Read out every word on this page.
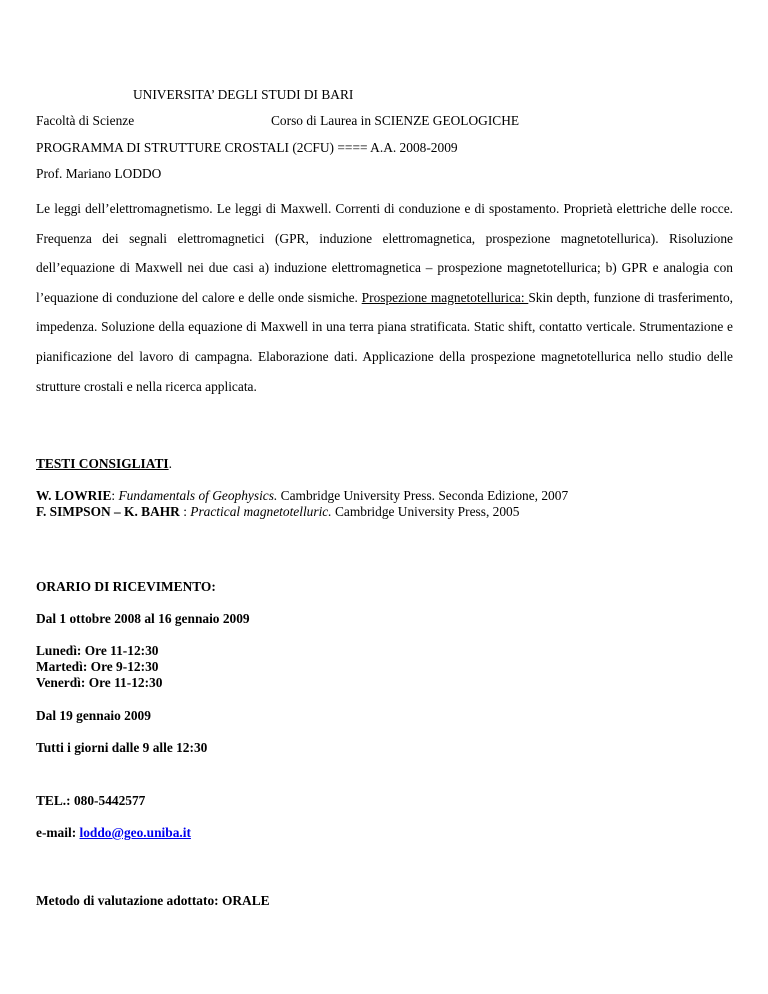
UNIVERSITA’ DEGLI STUDI DI BARI
Facoltà di Scienze	Corso di Laurea in SCIENZE GEOLOGICHE
PROGRAMMA DI STRUTTURE CROSTALI (2CFU) ==== A.A. 2008-2009
Prof. Mariano LODDO
Le leggi dell’elettromagnetismo. Le leggi di Maxwell. Correnti di conduzione e di spostamento. Proprietà elettriche delle rocce. Frequenza dei segnali elettromagnetici (GPR, induzione elettromagnetica, prospezione magnetotellurica). Risoluzione dell’equazione di Maxwell nei due casi a) induzione elettromagnetica – prospezione magnetotellurica; b) GPR e analogia con l’equazione di conduzione del calore e delle onde sismiche. Prospezione magnetotellurica: Skin depth, funzione di trasferimento, impedenza. Soluzione della equazione di Maxwell in una terra piana stratificata. Static shift, contatto verticale. Strumentazione e pianificazione del lavoro di campagna. Elaborazione dati. Applicazione della prospezione magnetotellurica nello studio delle strutture crostali e nella ricerca applicata.
TESTI CONSIGLIATI.
W. LOWRIE: Fundamentals of Geophysics. Cambridge University Press. Seconda Edizione, 2007
F. SIMPSON – K. BAHR : Practical magnetotelluric. Cambridge University Press, 2005
ORARIO DI RICEVIMENTO:
Dal 1 ottobre 2008 al 16 gennaio 2009
Lunedì: Ore 11-12:30
Martedì: Ore 9-12:30
Venerdì: Ore 11-12:30
Dal 19 gennaio 2009
Tutti i giorni dalle 9 alle 12:30
TEL.: 080-5442577
e-mail: loddo@geo.uniba.it
Metodo di valutazione adottato: ORALE
